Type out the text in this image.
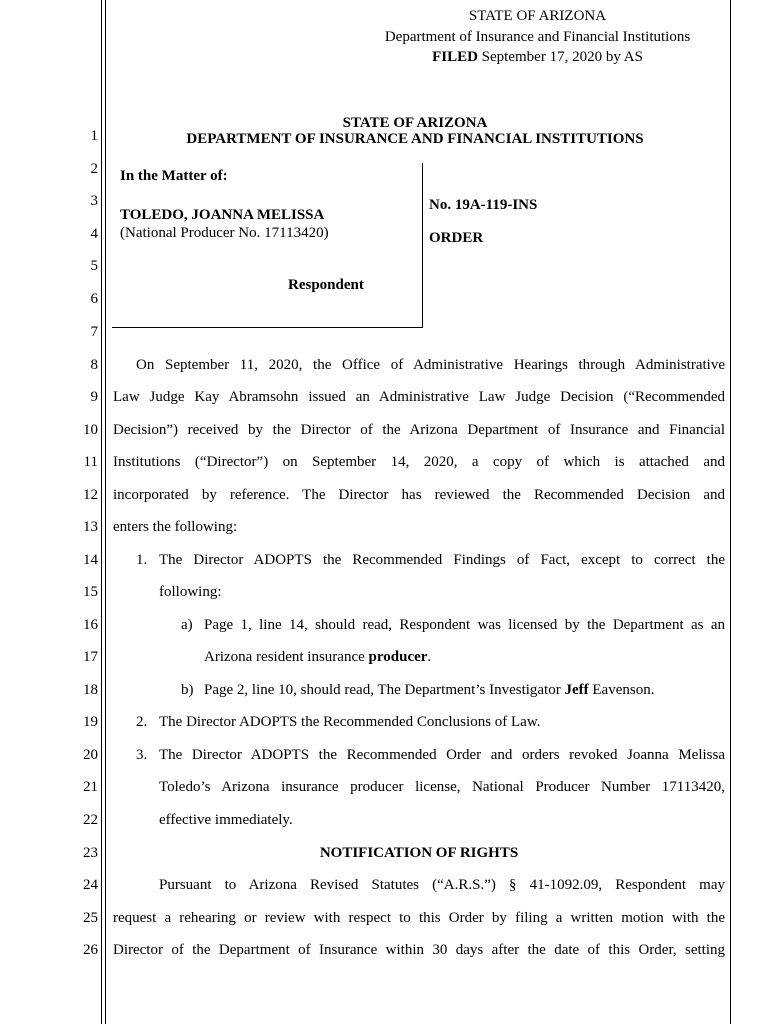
STATE OF ARIZONA
Department of Insurance and Financial Institutions
FILED September 17, 2020 by AS
STATE OF ARIZONA
DEPARTMENT OF INSURANCE AND FINANCIAL INSTITUTIONS
1
2
3
4
5
6
7
8
9
10
11
12
13
14
15
16
17
18
19
20
21
22
23
24
25
26
In the Matter of:
TOLEDO, JOANNA MELISSA
(National Producer No. 17113420)
Respondent
No. 19A-119-INS
ORDER
On September 11, 2020, the Office of Administrative Hearings through Administrative
Law Judge Kay Abramsohn issued an Administrative Law Judge Decision (“Recommended
Decision”) received by the Director of the Arizona Department of Insurance and Financial
Institutions (“Director”) on September 14, 2020, a copy of which is attached and
incorporated by reference. The Director has reviewed the Recommended Decision and
enters the following:
1. The Director ADOPTS the Recommended Findings of Fact, except to correct the
following:
a) Page 1, line 14, should read, Respondent was licensed by the Department as an
Arizona resident insurance producer.
b) Page 2, line 10, should read, The Department’s Investigator Jeff Eavenson.
2. The Director ADOPTS the Recommended Conclusions of Law.
3. The Director ADOPTS the Recommended Order and orders revoked Joanna Melissa
Toledo’s Arizona insurance producer license, National Producer Number 17113420,
effective immediately.
NOTIFICATION OF RIGHTS
Pursuant to Arizona Revised Statutes (“A.R.S.”) § 41-1092.09, Respondent may
request a rehearing or review with respect to this Order by filing a written motion with the
Director of the Department of Insurance within 30 days after the date of this Order, setting
